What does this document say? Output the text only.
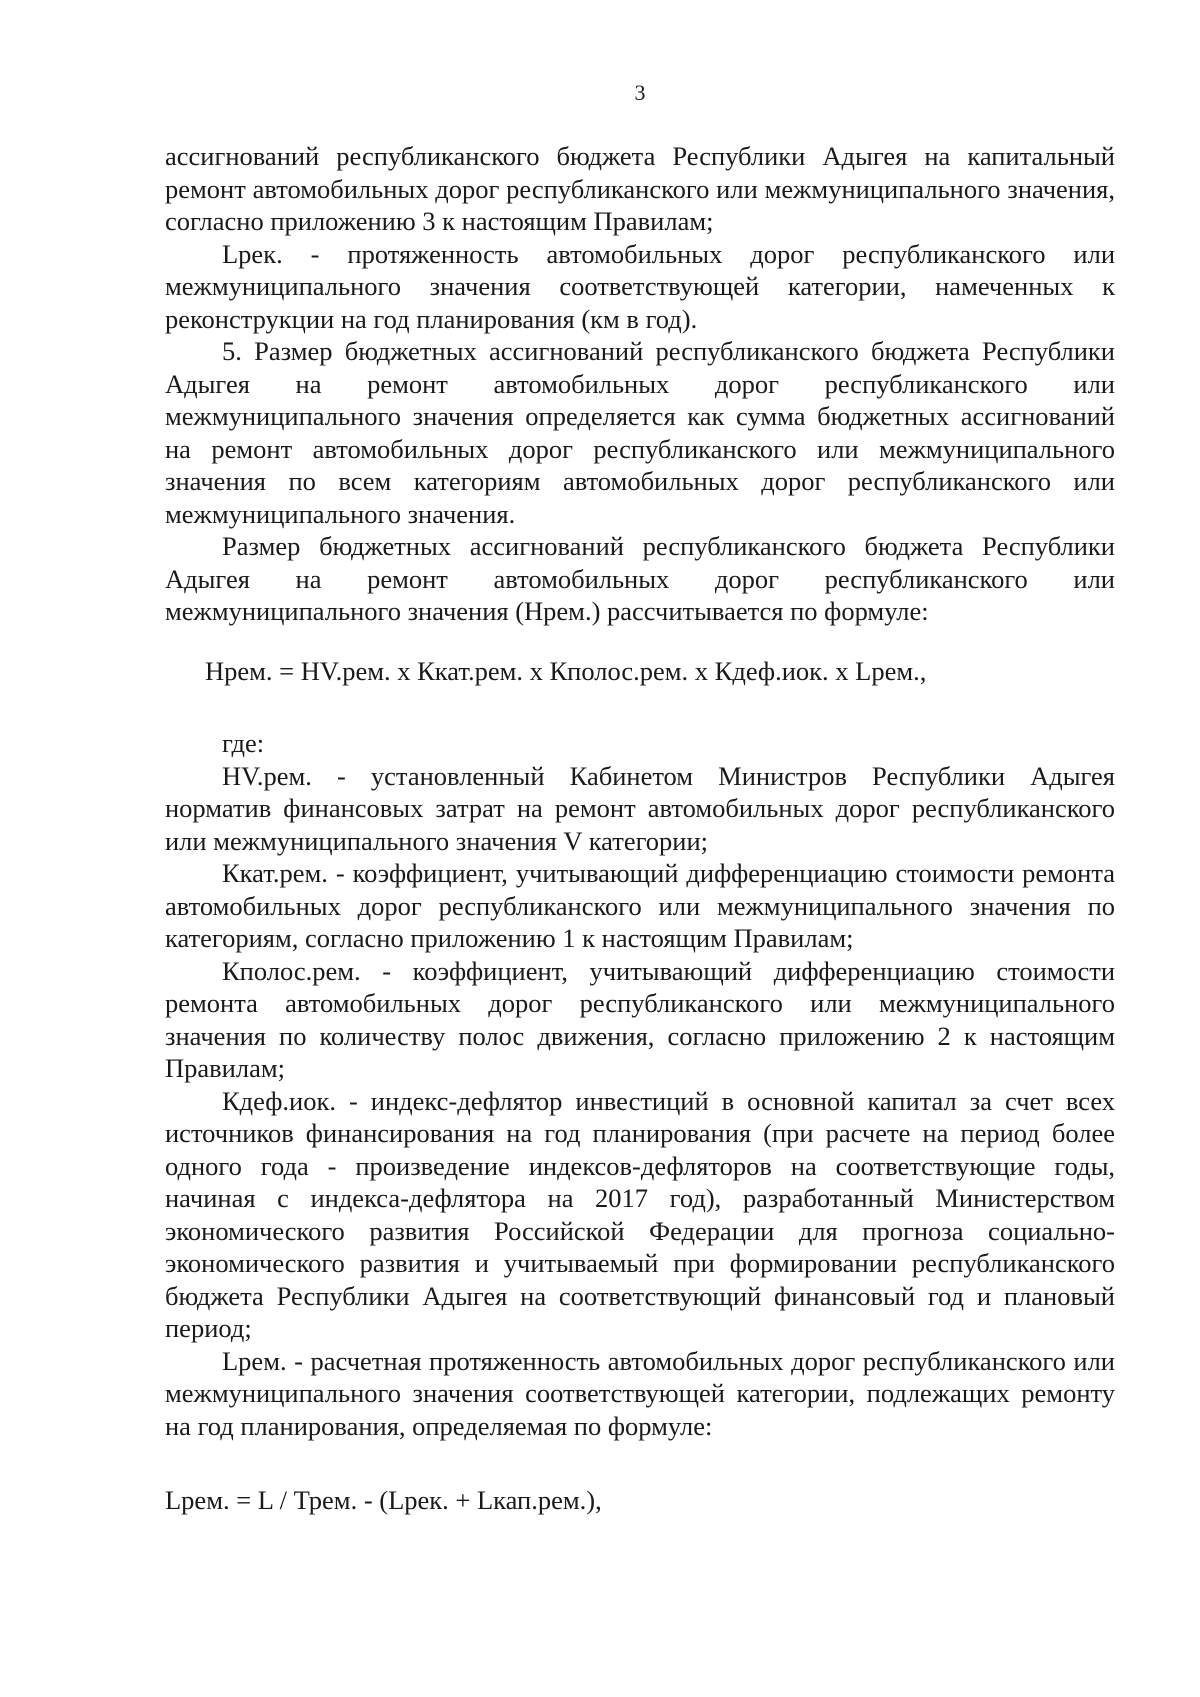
3

ассигнований республиканского бюджета Республики Адыгея на капитальный ремонт автомобильных дорог республиканского или межмуниципального значения, согласно приложению 3 к настоящим Правилам;

Lрек. - протяженность автомобильных дорог республиканского или межмуниципального значения соответствующей категории, намеченных к реконструкции на год планирования (км в год).

5. Размер бюджетных ассигнований республиканского бюджета Республики Адыгея на ремонт автомобильных дорог республиканского или межмуниципального значения определяется как сумма бюджетных ассигнований на ремонт автомобильных дорог республиканского или межмуниципального значения по всем категориям автомобильных дорог республиканского или межмуниципального значения.

Размер бюджетных ассигнований республиканского бюджета Республики Адыгея на ремонт автомобильных дорог республиканского или межмуниципального значения (Нрем.) рассчитывается по формуле:

Нрем. = НV.рем. x Ккат.рем. x Кполос.рем. x Кдеф.иок. x Lрем.,

где:

НV.рем. - установленный Кабинетом Министров Республики Адыгея норматив финансовых затрат на ремонт автомобильных дорог республиканского или межмуниципального значения V категории;

Ккат.рем. - коэффициент, учитывающий дифференциацию стоимости ремонта автомобильных дорог республиканского или межмуниципального значения по категориям, согласно приложению 1 к настоящим Правилам;

Кполос.рем. - коэффициент, учитывающий дифференциацию стоимости ремонта автомобильных дорог республиканского или межмуниципального значения по количеству полос движения, согласно приложению 2 к настоящим Правилам;

Кдеф.иок. - индекс-дефлятор инвестиций в основной капитал за счет всех источников финансирования на год планирования (при расчете на период более одного года - произведение индексов-дефляторов на соответствующие годы, начиная с индекса-дефлятора на 2017 год), разработанный Министерством экономического развития Российской Федерации для прогноза социально-экономического развития и учитываемый при формировании республиканского бюджета Республики Адыгея на соответствующий финансовый год и плановый период;

Lрем. - расчетная протяженность автомобильных дорог республиканского или межмуниципального значения соответствующей категории, подлежащих ремонту на год планирования, определяемая по формуле:

Lрем. = L / Трем. - (Lрек. + Lкап.рем.),
